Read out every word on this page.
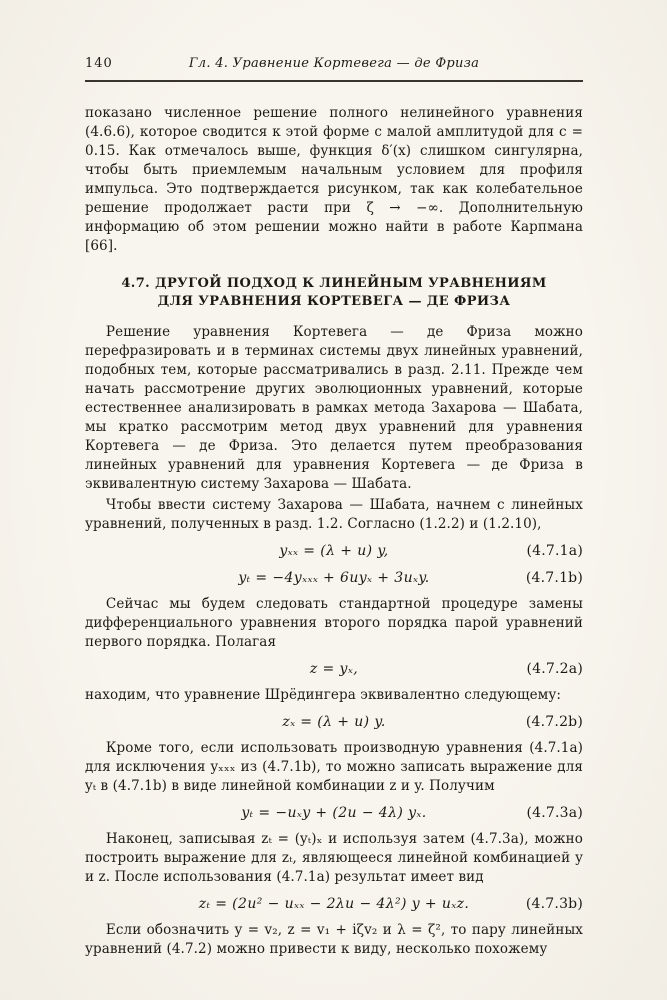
140	Гл. 4. Уравнение Кортевега — де Фриза

показано численное решение полного нелинейного уравнения (4.6.6), которое сводится к этой форме с малой амплитудой для c = 0.15. Как отмечалось выше, функция δ′(x) слишком сингулярна, чтобы быть приемлемым начальным условием для профиля импульса. Это подтверждается рисунком, так как колебательное решение продолжает расти при ζ → −∞. Дополнительную информацию об этом решении можно найти в работе Карпмана [66].

4.7. ДРУГОЙ ПОДХОД К ЛИНЕЙНЫМ УРАВНЕНИЯМ
ДЛЯ УРАВНЕНИЯ КОРТЕВЕГА — ДЕ ФРИЗА

Решение уравнения Кортевега — де Фриза можно перефразировать и в терминах системы двух линейных уравнений, подобных тем, которые рассматривались в разд. 2.11. Прежде чем начать рассмотрение других эволюционных уравнений, которые естественнее анализировать в рамках метода Захарова — Шабата, мы кратко рассмотрим метод двух уравнений для уравнения Кортевега — де Фриза. Это делается путем преобразования линейных уравнений для уравнения Кортевега — де Фриза в эквивалентную систему Захарова — Шабата.

Чтобы ввести систему Захарова — Шабата, начнем с линейных уравнений, полученных в разд. 1.2. Согласно (1.2.2) и (1.2.10),

yₓₓ = (λ + u) y,	(4.7.1a)
yₜ = −4yₓₓₓ + 6uyₓ + 3uₓy.	(4.7.1b)

Сейчас мы будем следовать стандартной процедуре замены дифференциального уравнения второго порядка парой уравнений первого порядка. Полагая

z = yₓ,	(4.7.2a)

находим, что уравнение Шрёдингера эквивалентно следующему:

zₓ = (λ + u) y.	(4.7.2b)

Кроме того, если использовать производную уравнения (4.7.1a) для исключения yₓₓₓ из (4.7.1b), то можно записать выражение для yₜ в (4.7.1b) в виде линейной комбинации z и y. Получим

yₜ = −uₓy + (2u − 4λ) yₓ.	(4.7.3a)

Наконец, записывая zₜ = (yₜ)ₓ и используя затем (4.7.3а), можно построить выражение для zₜ, являющееся линейной комбинацией y и z. После использования (4.7.1а) результат имеет вид

zₜ = (2u² − uₓₓ − 2λu − 4λ²) y + uₓz.	(4.7.3b)

Если обозначить y = v₂, z = v₁ + iζv₂ и λ = ζ², то пару линейных уравнений (4.7.2) можно привести к виду, несколько похожему
